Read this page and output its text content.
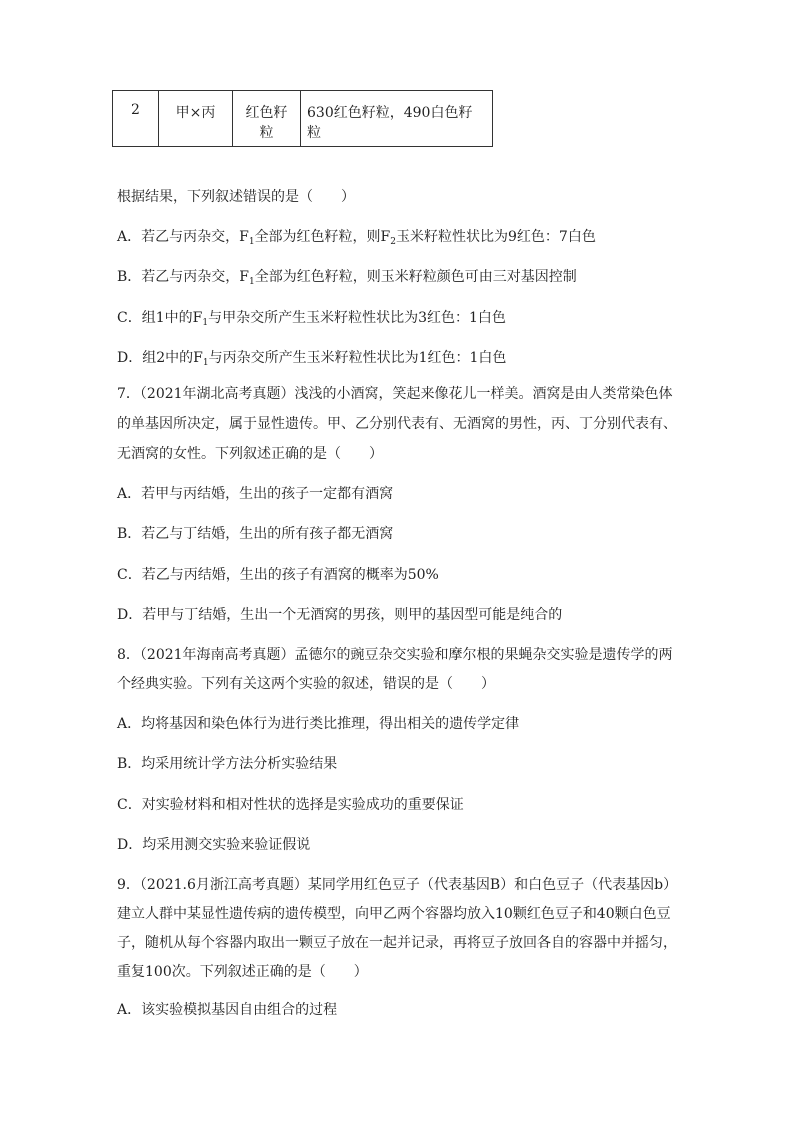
2	甲×丙	红色籽粒	630红色籽粒，490白色籽粒
根据结果，下列叙述错误的是（　　）
A．若乙与丙杂交，$F_1$全部为红色籽粒，则$F_2$玉米籽粒性状比为9红色：7白色
B．若乙与丙杂交，$F_1$全部为红色籽粒，则玉米籽粒颜色可由三对基因控制
C．组1中的$F_1$与甲杂交所产生玉米籽粒性状比为3红色：1白色
D．组2中的$F_1$与丙杂交所产生玉米籽粒性状比为1红色：1白色
7．（2021年湖北高考真题）浅浅的小酒窝，笑起来像花儿一样美。酒窝是由人类常染色体
的单基因所决定，属于显性遗传。甲、乙分别代表有、无酒窝的男性，丙、丁分别代表有、
无酒窝的女性。下列叙述正确的是（　　）
A．若甲与丙结婚，生出的孩子一定都有酒窝
B．若乙与丁结婚，生出的所有孩子都无酒窝
C．若乙与丙结婚，生出的孩子有酒窝的概率为50%
D．若甲与丁结婚，生出一个无酒窝的男孩，则甲的基因型可能是纯合的
8．（2021年海南高考真题）孟德尔的豌豆杂交实验和摩尔根的果蝇杂交实验是遗传学的两
个经典实验。下列有关这两个实验的叙述，错误的是（　　）
A．均将基因和染色体行为进行类比推理，得出相关的遗传学定律
B．均采用统计学方法分析实验结果
C．对实验材料和相对性状的选择是实验成功的重要保证
D．均采用测交实验来验证假说
9．（2021.6月浙江高考真题）某同学用红色豆子（代表基因B）和白色豆子（代表基因b）
建立人群中某显性遗传病的遗传模型，向甲乙两个容器均放入10颗红色豆子和40颗白色豆
子，随机从每个容器内取出一颗豆子放在一起并记录，再将豆子放回各自的容器中并摇匀，
重复100次。下列叙述正确的是（　　）
A．该实验模拟基因自由组合的过程
